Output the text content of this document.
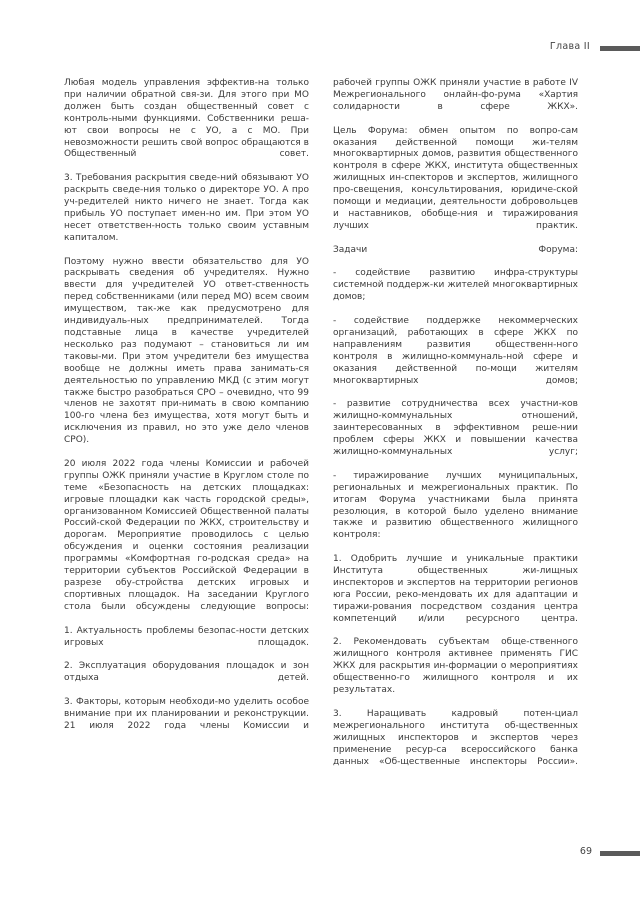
Глава II

Любая модель управления эффектив-на только при наличии обратной свя-зи. Для этого при МО должен быть создан общественный совет с контроль-ными функциями. Собственники реша-ют свои вопросы не с УО, а с МО. При невозможности решить свой вопрос обращаются в Общественный совет.

3. Требования раскрытия сведе-ний обязывают УО раскрыть сведе-ния только о директоре УО. А про уч-редителей никто ничего не знает. Тогда как прибыль УО поступает имен-но им. При этом УО несет ответствен-ность только своим уставным капиталом.

Поэтому нужно ввести обязательство для УО раскрывать сведения об учредителях. Нужно ввести для учредителей УО ответ-ственность перед собственниками (или перед МО) всем своим имуществом, так-же как предусмотрено для индивидуаль-ных предпринимателей. Тогда подставные лица в качестве учредителей несколько раз подумают – становиться ли им таковы-ми. При этом учредители без имущества вообще не должны иметь права занимать-ся деятельностью по управлению МКД (с этим могут также быстро разобраться СРО – очевидно, что 99 членов не захотят при-нимать в свою компанию 100-го члена без имущества, хотя могут быть и исключения из правил, но это уже дело членов СРО).

20 июля 2022 года члены Комиссии и рабочей группы ОЖК приняли участие в Круглом столе по теме «Безопасность на детских площадках: игровые площадки как часть городской среды», организованном Комиссией Общественной палаты Россий-ской Федерации по ЖКХ, строительству и дорогам. Мероприятие проводилось с целью обсуждения и оценки состояния реализации программы «Комфортная го-родская среда» на территории субъектов Российской Федерации в разрезе обу-стройства детских игровых и спортивных площадок. На заседании Круглого стола были обсуждены следующие вопросы:

1. Актуальность проблемы безопас-ности детских игровых площадок.

2. Эксплуатация оборудования площадок и зон отдыха детей.

3. Факторы, которым необходи-мо уделить особое внимание при их планировании и реконструкции. 21 июля 2022 года члены Комиссии и

рабочей группы ОЖК приняли участие в работе IV Межрегионального онлайн-фо-рума «Хартия солидарности в сфере ЖКХ».

Цель Форума: обмен опытом по вопро-сам оказания действенной помощи жи-телям многоквартирных домов, развития общественного контроля в сфере ЖКХ, института общественных жилищных ин-спекторов и экспертов, жилищного про-свещения, консультирования, юридиче-ской помощи и медиации, деятельности добровольцев и наставников, обобще-ния и тиражирования лучших практик.

Задачи Форума:

- содействие развитию инфра-структуры системной поддерж-ки жителей многоквартирных домов;

- содействие поддержке некоммерческих организаций, работающих в сфере ЖКХ по направлениям развития общественн-ного контроля в жилищно-коммуналь-ной сфере и оказания действенной по-мощи жителям многоквартирных домов;

- развитие сотрудничества всех участни-ков жилищно-коммунальных отношений, заинтересованных в эффективном реше-нии проблем сферы ЖКХ и повышении качества жилищно-коммунальных услуг;

- тиражирование лучших муниципальных, региональных и межрегиональных практик. По итогам Форума участниками была принята резолюция, в которой было уделено внимание также и развитию общественного жилищного контроля:

1. Одобрить лучшие и уникальные практики Института общественных жи-лищных инспекторов и экспертов на территории регионов юга России, реко-мендовать их для адаптации и тиражи-рования посредством создания центра компетенций и/или ресурсного центра.

2. Рекомендовать субъектам обще-ственного жилищного контроля активнее применять ГИС ЖКХ для раскрытия ин-формации о мероприятиях общественно-го жилищного контроля и их результатах.

3. Наращивать кадровый потен-циал межрегионального института об-щественных жилищных инспекторов и экспертов через применение ресур-са всероссийского банка данных «Об-щественные инспекторы России».

69
